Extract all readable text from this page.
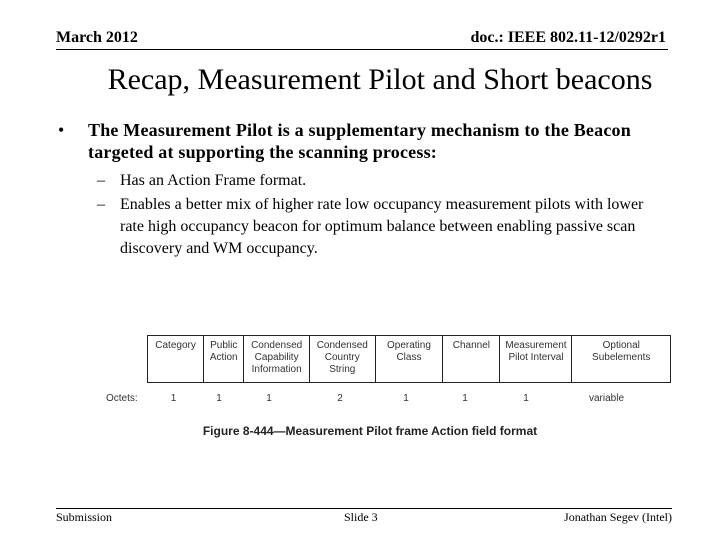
March 2012	doc.: IEEE 802.11-12/0292r1
Recap, Measurement Pilot and Short beacons
• The Measurement Pilot is a supplementary mechanism to the Beacon targeted at supporting the scanning process:
– Has an Action Frame format.
– Enables a better mix of higher rate low occupancy measurement pilots with lower rate high occupancy beacon for optimum balance between enabling passive scan discovery and WM occupancy.
Category	Public Action	Condensed Capability Information	Condensed Country String	Operating Class	Channel	Measurement Pilot Interval	Optional Subelements
Octets:	1	1	1	2	1	1	1	variable
Figure 8-444—Measurement Pilot frame Action field format
Submission	Slide 3	Jonathan Segev (Intel)
